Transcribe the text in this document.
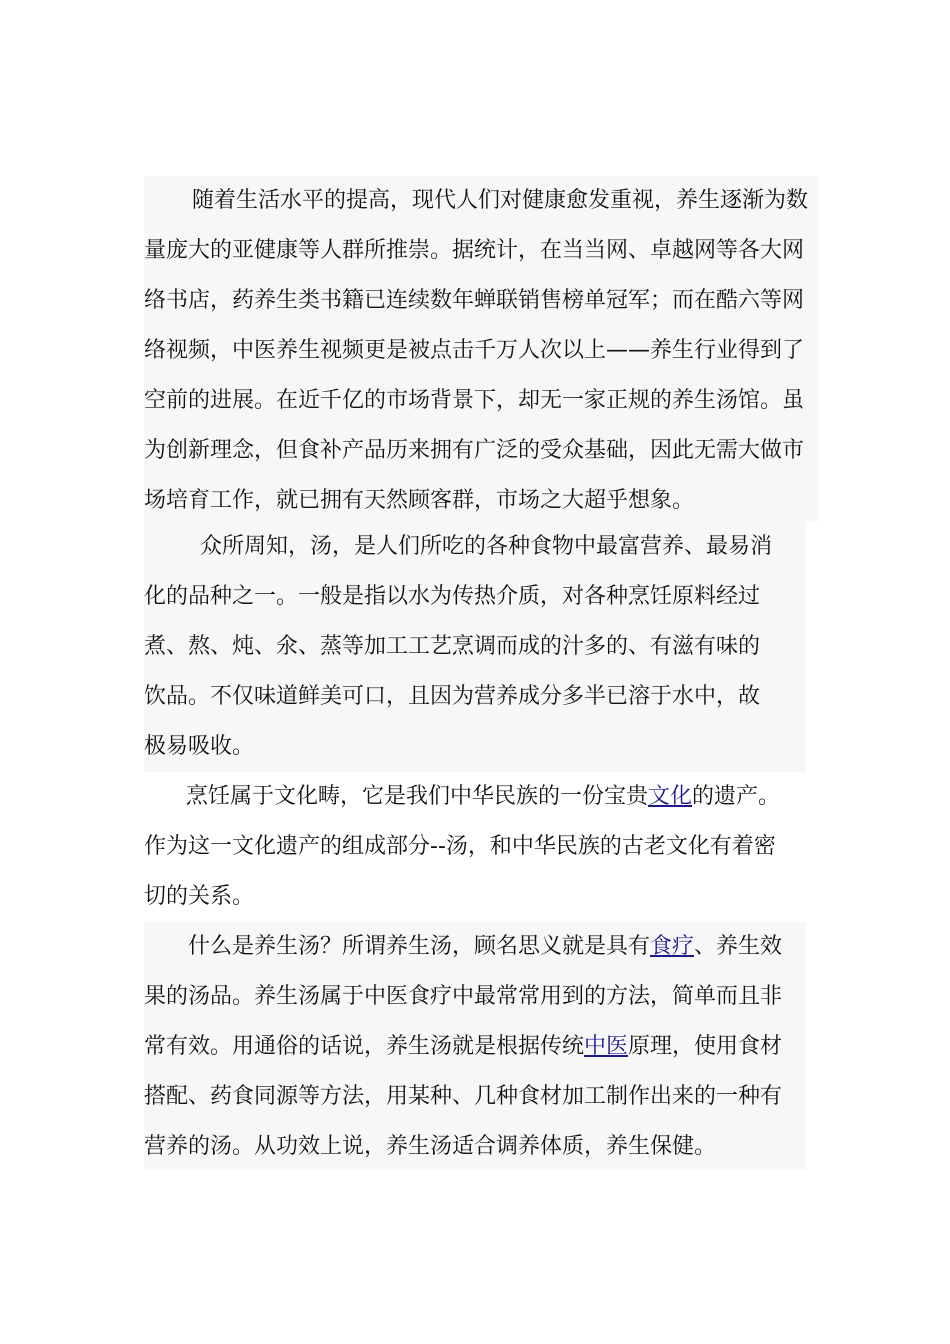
随着生活水平的提高，现代人们对健康愈发重视，养生逐渐为数
量庞大的亚健康等人群所推崇。据统计，在当当网、卓越网等各大网
络书店，药养生类书籍已连续数年蝉联销售榜单冠军；而在酷六等网
络视频，中医养生视频更是被点击千万人次以上——养生行业得到了
空前的进展。在近千亿的市场背景下，却无一家正规的养生汤馆。虽
为创新理念，但食补产品历来拥有广泛的受众基础，因此无需大做市
场培育工作，就已拥有天然顾客群，市场之大超乎想象。
众所周知，汤，是人们所吃的各种食物中最富营养、最易消
化的品种之一。一般是指以水为传热介质，对各种烹饪原料经过
煮、熬、炖、氽、蒸等加工工艺烹调而成的汁多的、有滋有味的
饮品。不仅味道鲜美可口，且因为营养成分多半已溶于水中，故
极易吸收。
烹饪属于文化畴，它是我们中华民族的一份宝贵文化的遗产。
作为这一文化遗产的组成部分--汤，和中华民族的古老文化有着密
切的关系。
什么是养生汤？所谓养生汤，顾名思义就是具有食疗、养生效
果的汤品。养生汤属于中医食疗中最常常用到的方法，简单而且非
常有效。用通俗的话说，养生汤就是根据传统中医原理，使用食材
搭配、药食同源等方法，用某种、几种食材加工制作出来的一种有
营养的汤。从功效上说，养生汤适合调养体质，养生保健。
